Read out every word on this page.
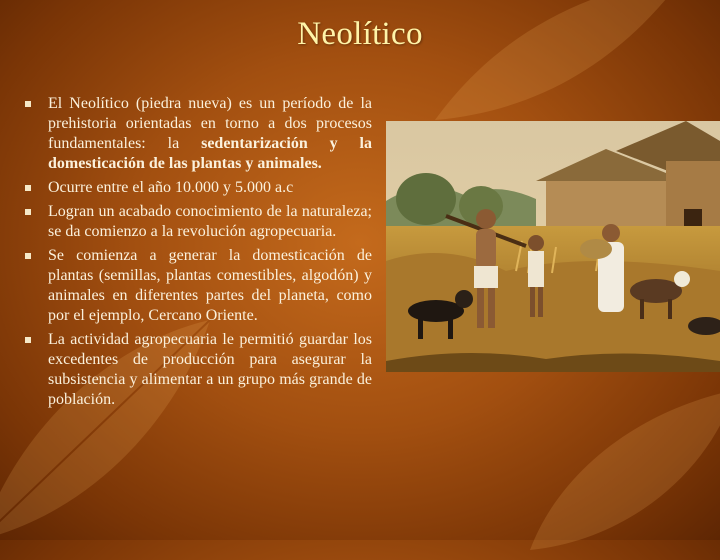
Neolítico
El Neolítico (piedra nueva) es un período de la prehistoria orientadas en torno a dos procesos fundamentales: la sedentarización y la domesticación de las plantas y animales.
Ocurre entre el año 10.000 y 5.000 a.c
Logran un acabado conocimiento de la naturaleza; se da comienzo a la revolución agropecuaria.
Se comienza a generar la domesticación de plantas (semillas, plantas comestibles, algodón) y animales en diferentes partes del planeta, como por el ejemplo, Cercano Oriente.
La actividad agropecuaria le permitió guardar los excedentes de producción para asegurar la subsistencia y alimentar a un grupo más grande de población.
